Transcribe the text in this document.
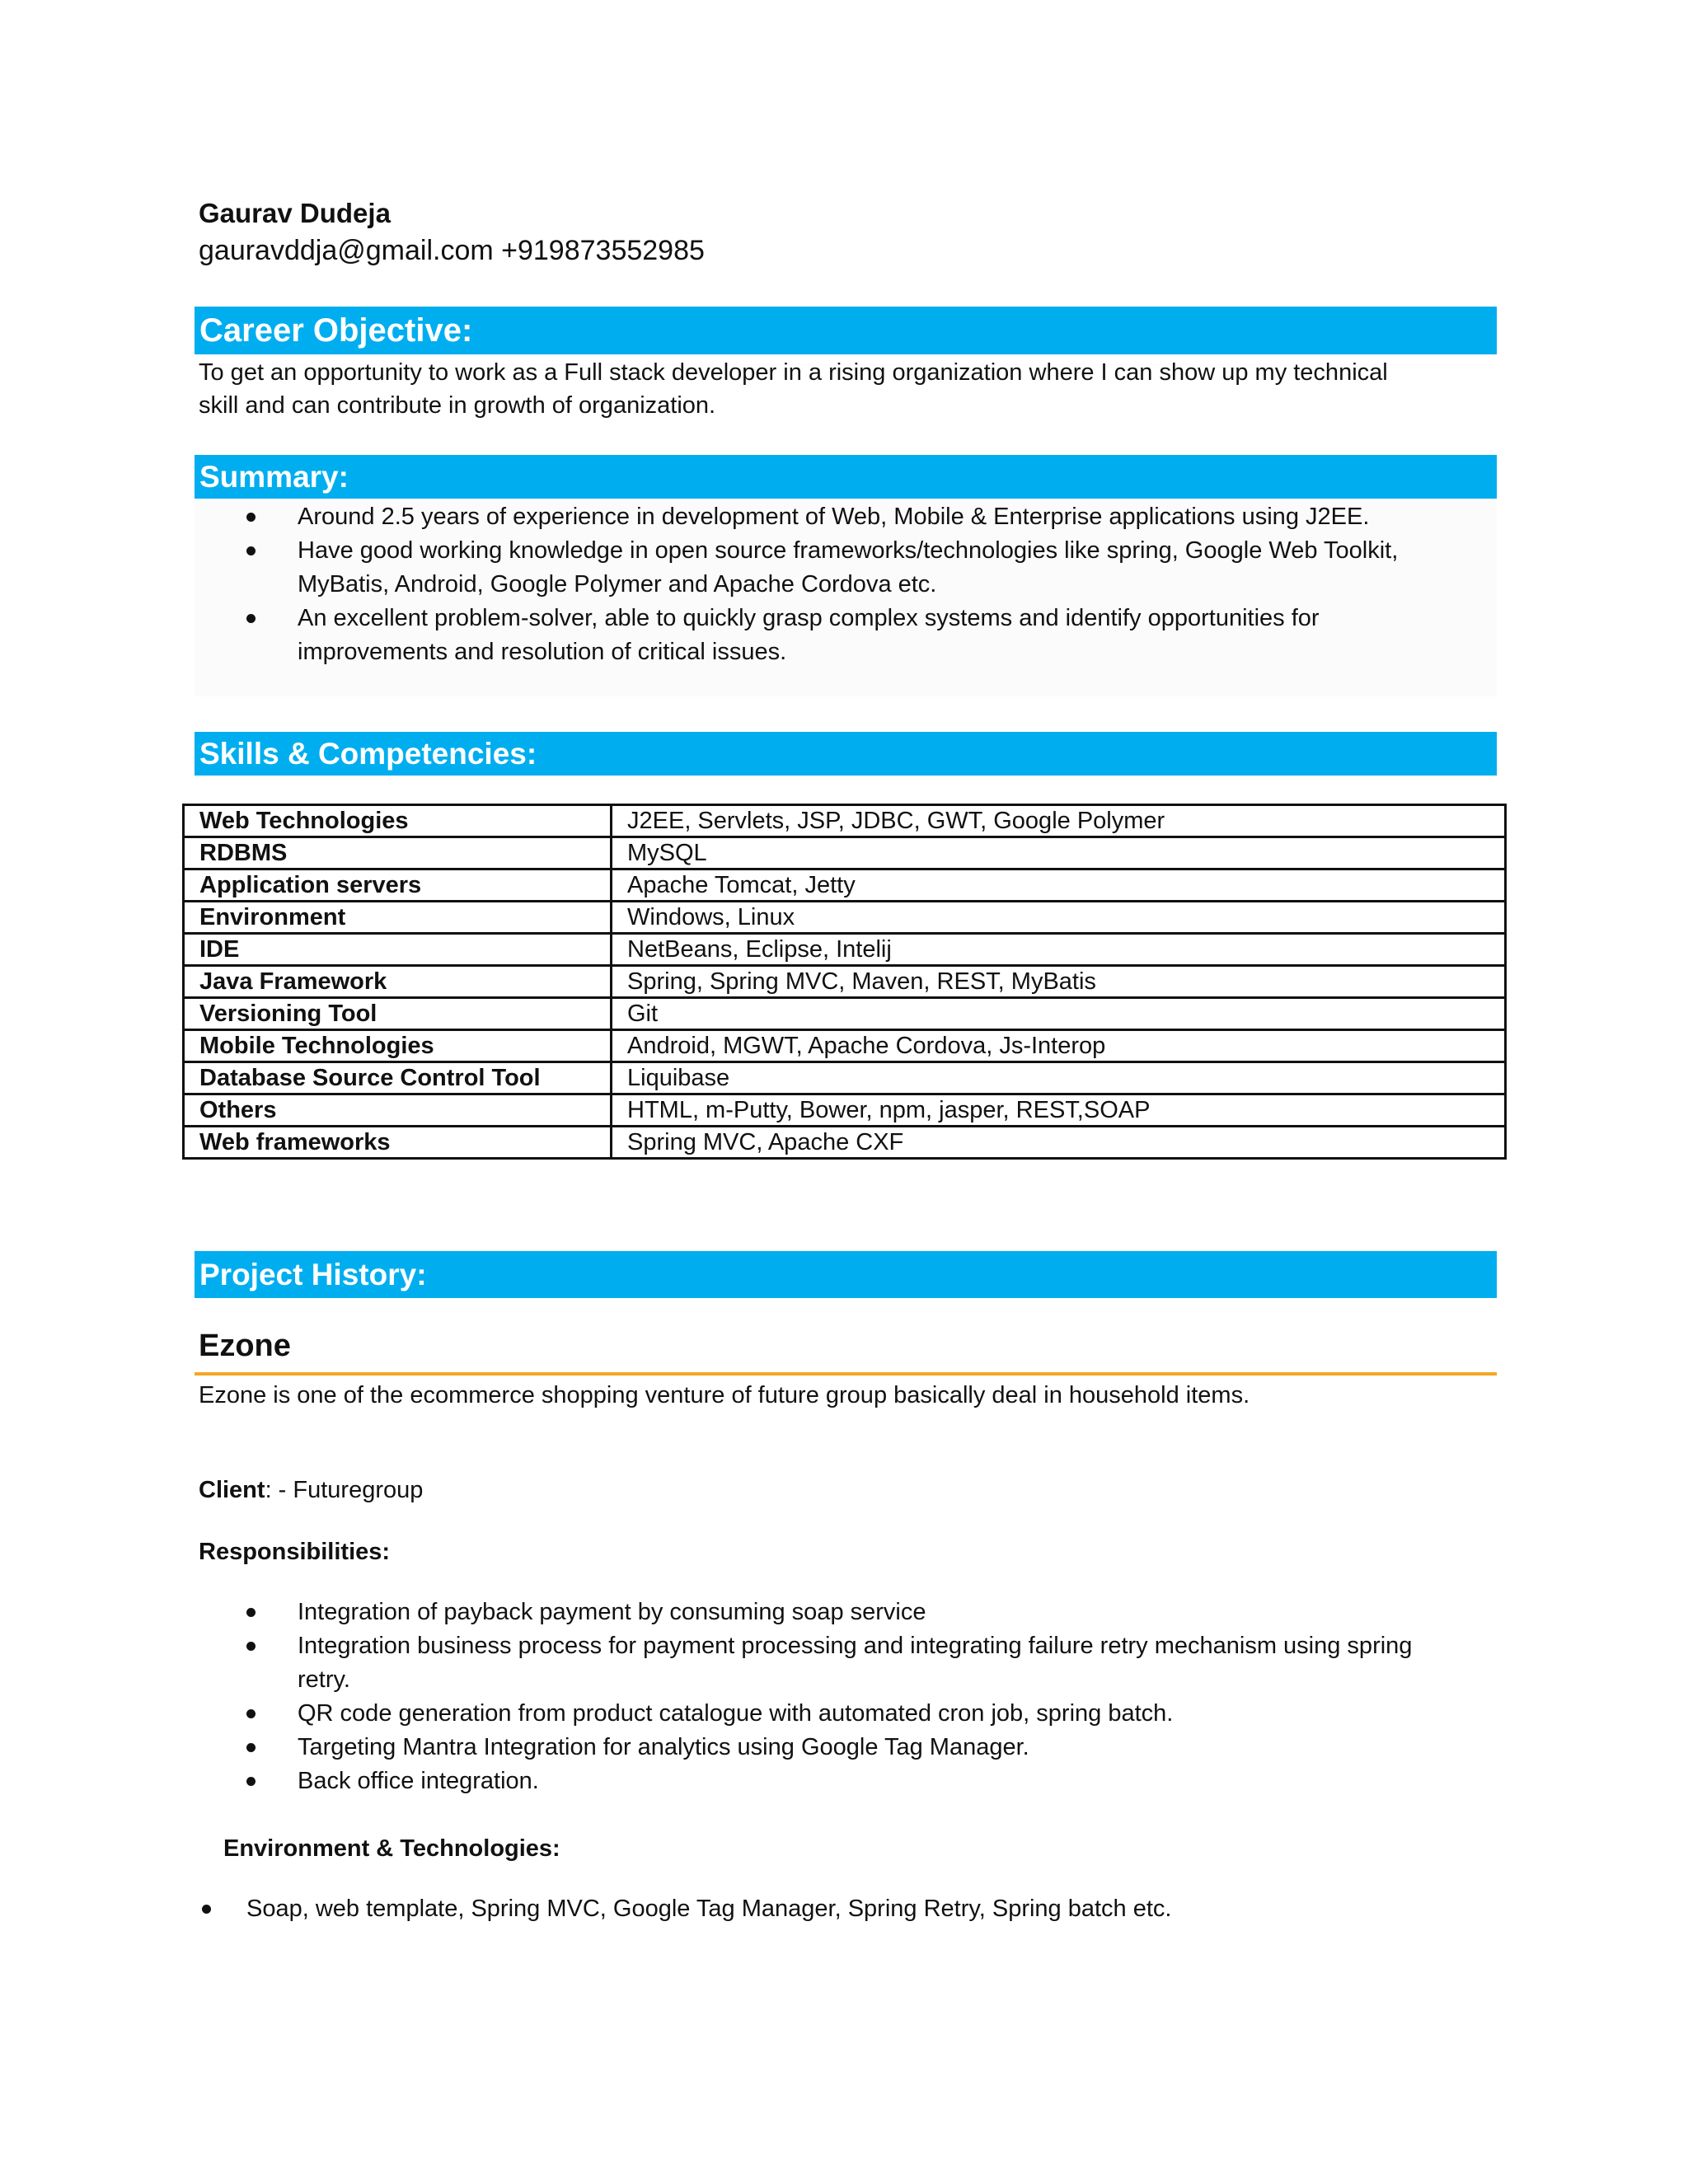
Gaurav Dudeja
gauravddja@gmail.com +919873552985
Career Objective:
To get an opportunity to work as a Full stack developer in a rising organization where I can show up my technical
skill and can contribute in growth of organization.
Summary:
Around 2.5 years of experience in development of Web, Mobile & Enterprise applications using J2EE.
Have good working knowledge in open source frameworks/technologies like spring, Google Web Toolkit,
MyBatis, Android, Google Polymer and Apache Cordova etc.
An excellent problem-solver, able to quickly grasp complex systems and identify opportunities for
improvements and resolution of critical issues.
Skills & Competencies:
Web Technologies	J2EE, Servlets, JSP, JDBC, GWT, Google Polymer
RDBMS	MySQL
Application servers	Apache Tomcat, Jetty
Environment	Windows, Linux
IDE	NetBeans, Eclipse, Intelij
Java Framework	Spring, Spring MVC, Maven, REST, MyBatis
Versioning Tool	Git
Mobile Technologies	Android, MGWT, Apache Cordova, Js-Interop
Database Source Control Tool	Liquibase
Others	HTML, m-Putty, Bower, npm, jasper, REST,SOAP
Web frameworks	Spring MVC, Apache CXF
Project History:
Ezone
Ezone is one of the ecommerce shopping venture of future group basically deal in household items.
Client: - Futuregroup
Responsibilities:
Integration of payback payment by consuming soap service
Integration business process for payment processing and integrating failure retry mechanism using spring
retry.
QR code generation from product catalogue with automated cron job, spring batch.
Targeting Mantra Integration for analytics using Google Tag Manager.
Back office integration.
Environment & Technologies:
Soap, web template, Spring MVC, Google Tag Manager, Spring Retry, Spring batch etc.
